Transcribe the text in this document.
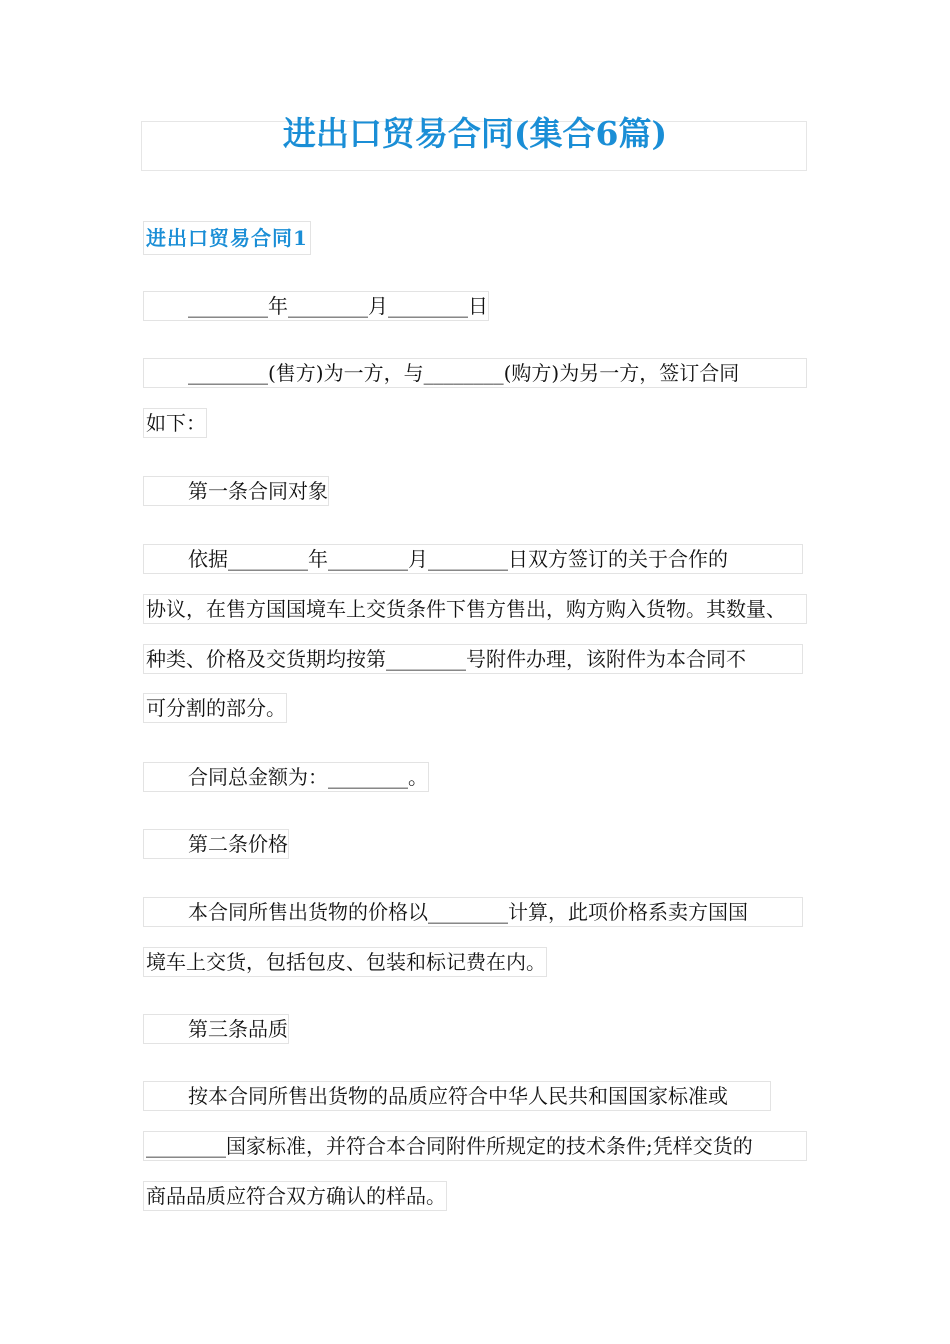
进出口贸易合同(集合6篇)
进出口贸易合同1
________年________月________日
________(售方)为一方，与________(购方)为另一方，签订合同
如下：
第一条合同对象
依据________年________月________日双方签订的关于合作的
协议，在售方国国境车上交货条件下售方售出，购方购入货物。其数量、
种类、价格及交货期均按第________号附件办理，该附件为本合同不
可分割的部分。
合同总金额为：________。
第二条价格
本合同所售出货物的价格以________计算，此项价格系卖方国国
境车上交货，包括包皮、包装和标记费在内。
第三条品质
按本合同所售出货物的品质应符合中华人民共和国国家标准或
________国家标准，并符合本合同附件所规定的技术条件;凭样交货的
商品品质应符合双方确认的样品。
